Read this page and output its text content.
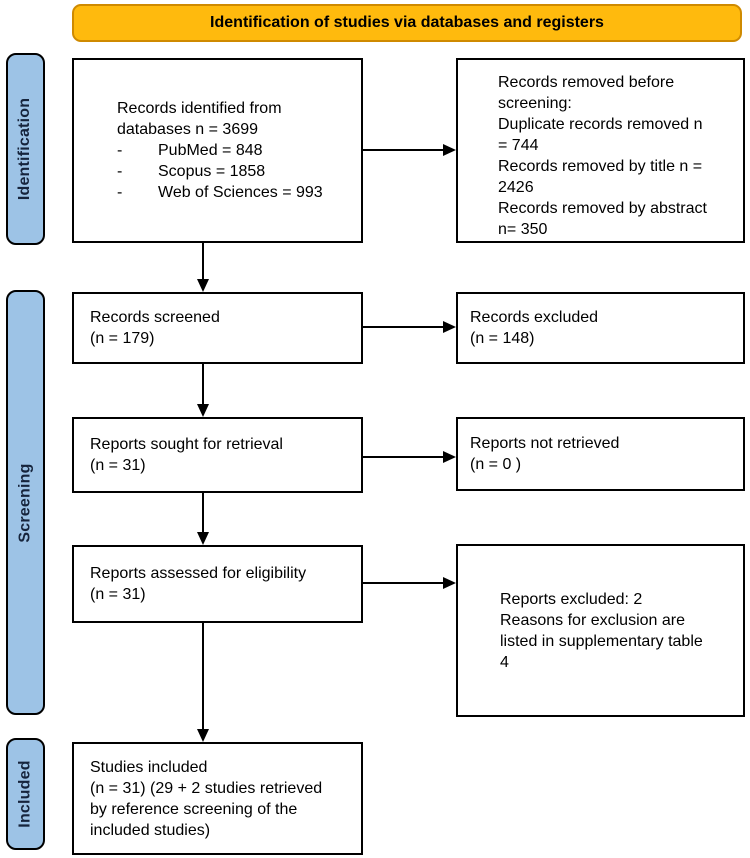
Identification of studies via databases and registers
Identification
Screening
Included
Records identified from
databases n = 3699
-	PubMed = 848
-	Scopus = 1858
-	Web of Sciences = 993
Records removed before
screening:
Duplicate records removed n
= 744
Records removed by title n =
2426
Records removed by abstract
n= 350
Records screened
(n = 179)
Records excluded
(n = 148)
Reports sought for retrieval
(n = 31)
Reports not retrieved
(n = 0 )
Reports assessed for eligibility
(n = 31)	Reports excluded: 2
Reasons for exclusion are
listed in supplementary table
4
Studies included
(n = 31) (29 + 2 studies retrieved
by reference screening of the
included studies)
